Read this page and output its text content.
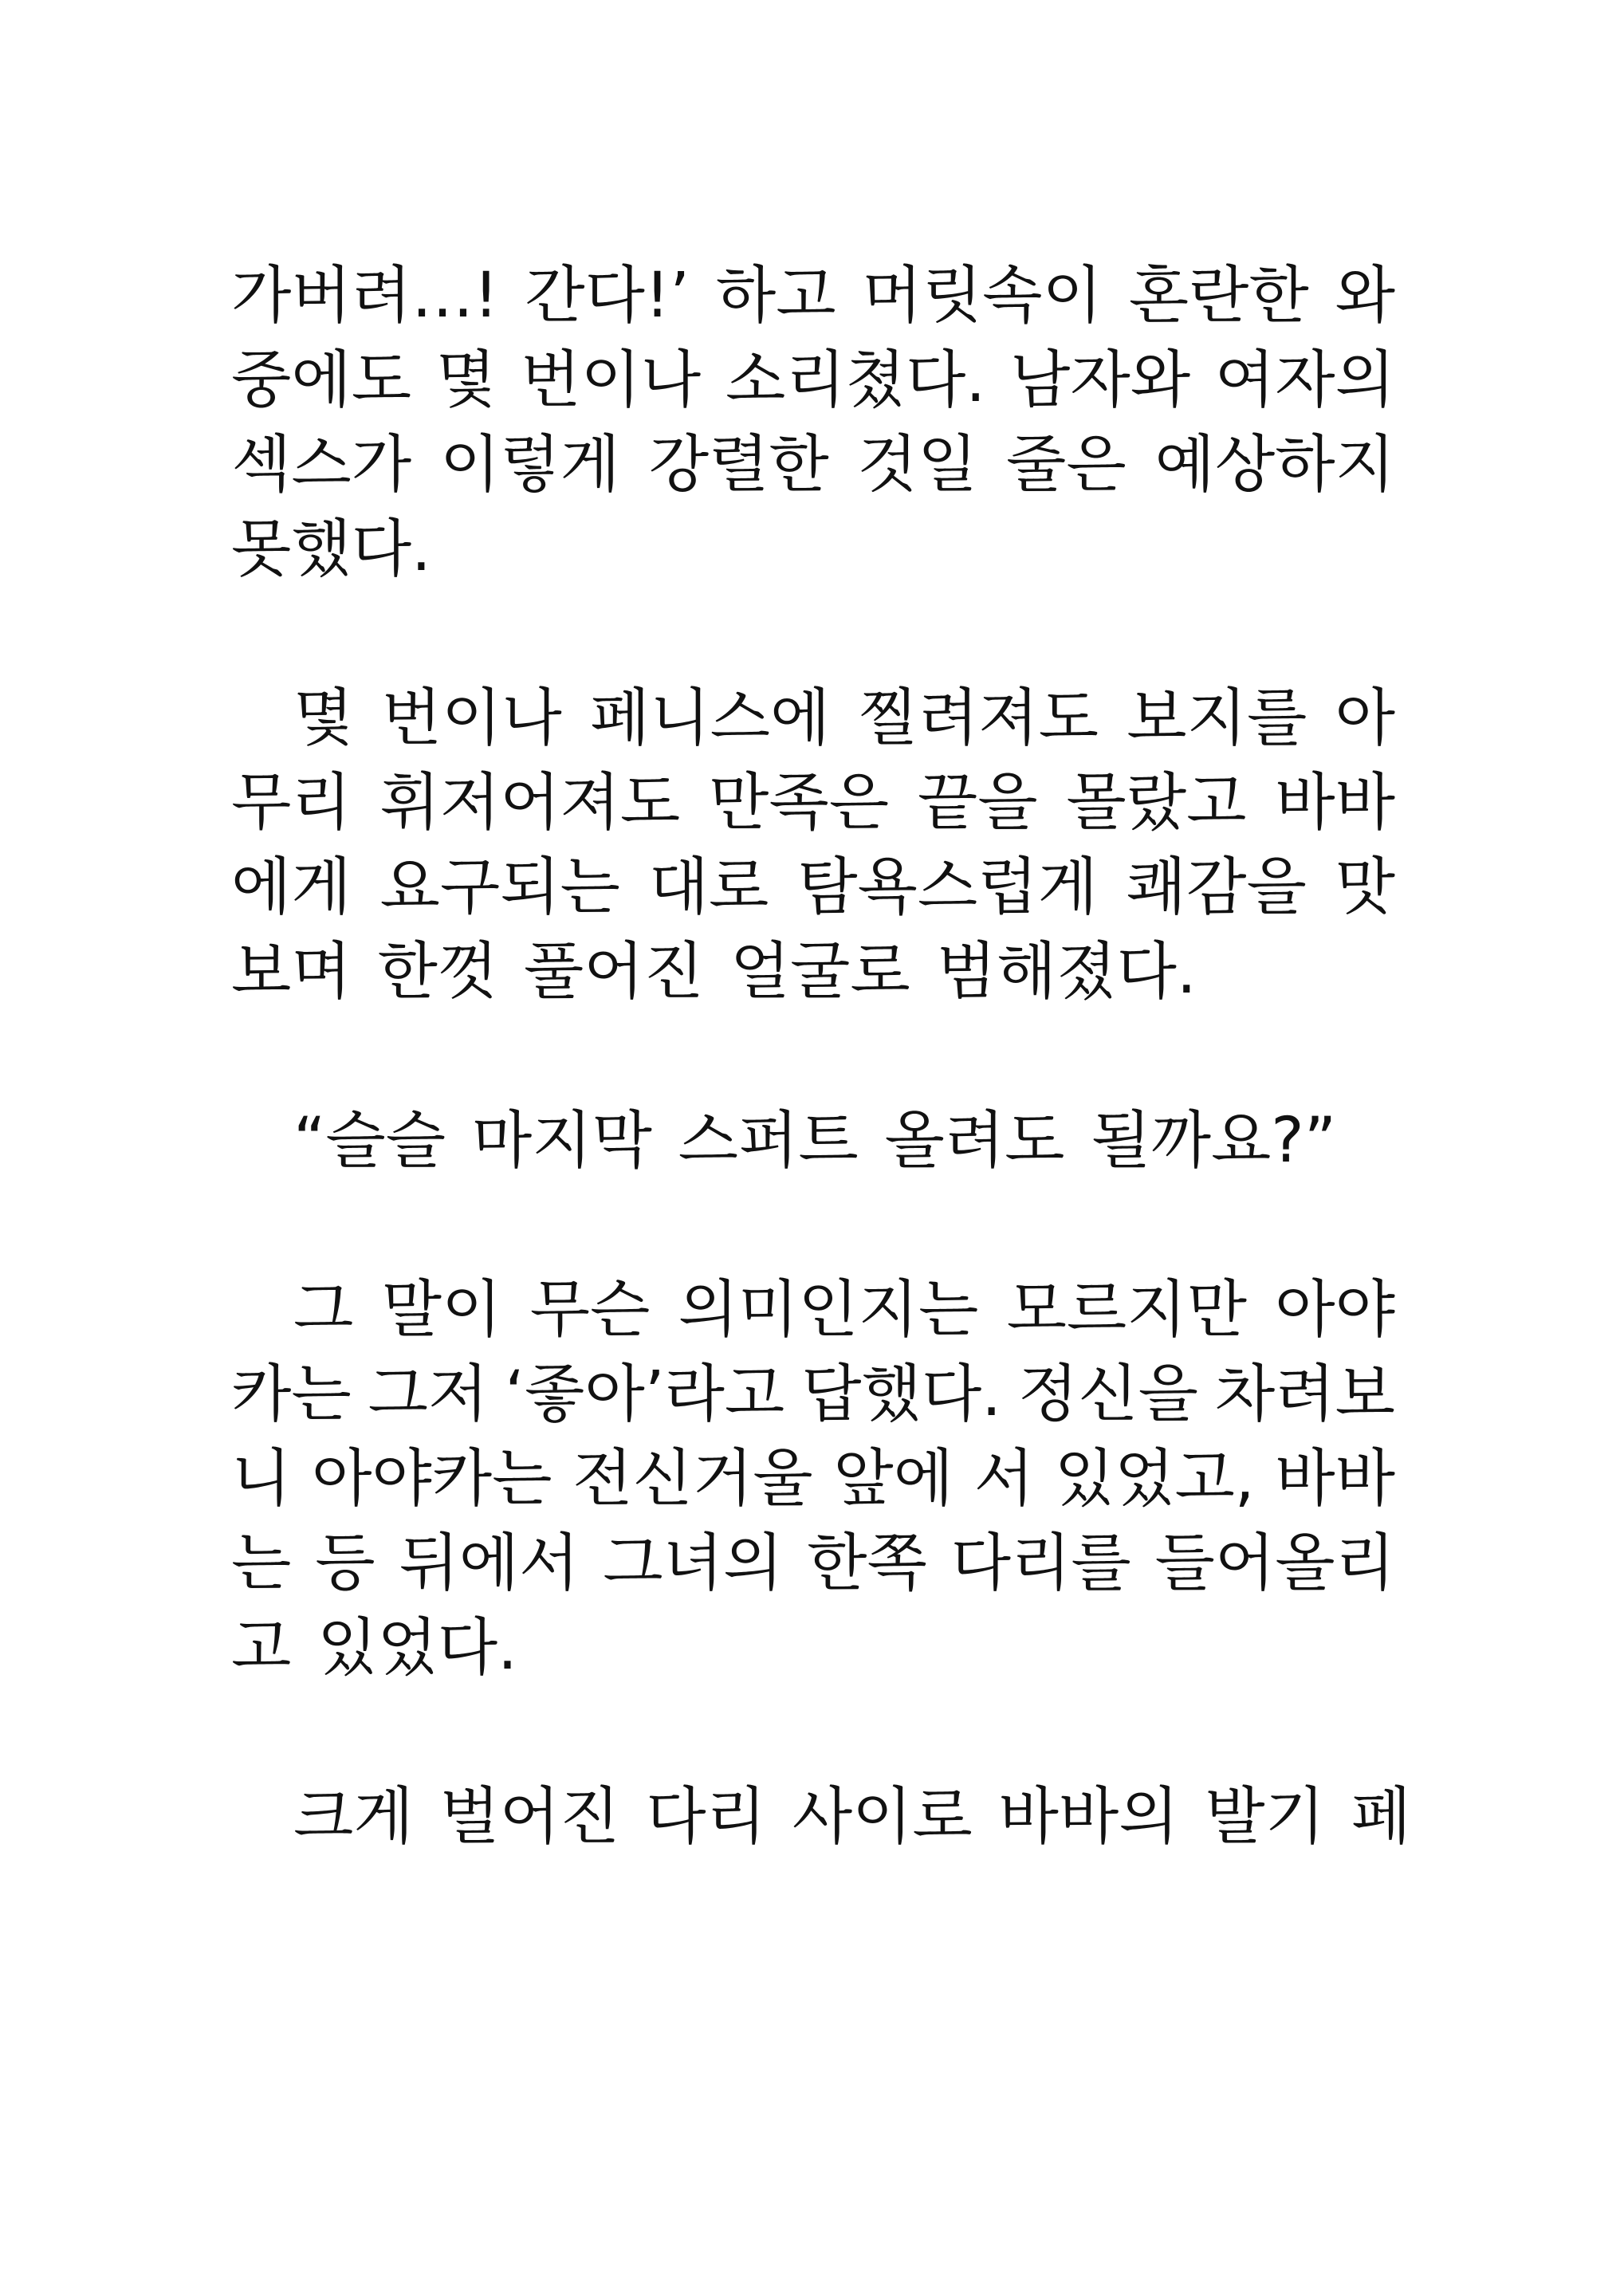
가버려…! 간다!’ 하고 머릿속이 혼란한 와
중에도 몇 번이나 소리쳤다. 남자와 여자의
섹스가 이렇게 강렬한 것일 줄은 예상하지
못했다.
몇 번이나 페니스에 찔려져도 보지를 아
무리 휘저어져도 만족은 끝을 몰랐고 바바
에게 요구되는 대로 탐욕스럽게 쾌감을 맛
보며 한껏 풀어진 얼굴로 범해졌다.
“슬슬 마지막 스퍼트 올려도 될까요?”
그 말이 무슨 의미인지는 모르지만 아야
카는 그저 ‘좋아’라고 답했다. 정신을 차려보
니 아야카는 전신거울 앞에 서 있었고, 바바
는 등 뒤에서 그녀의 한쪽 다리를 들어올리
고 있었다.
크게 벌어진 다리 사이로 바바의 발기 페
